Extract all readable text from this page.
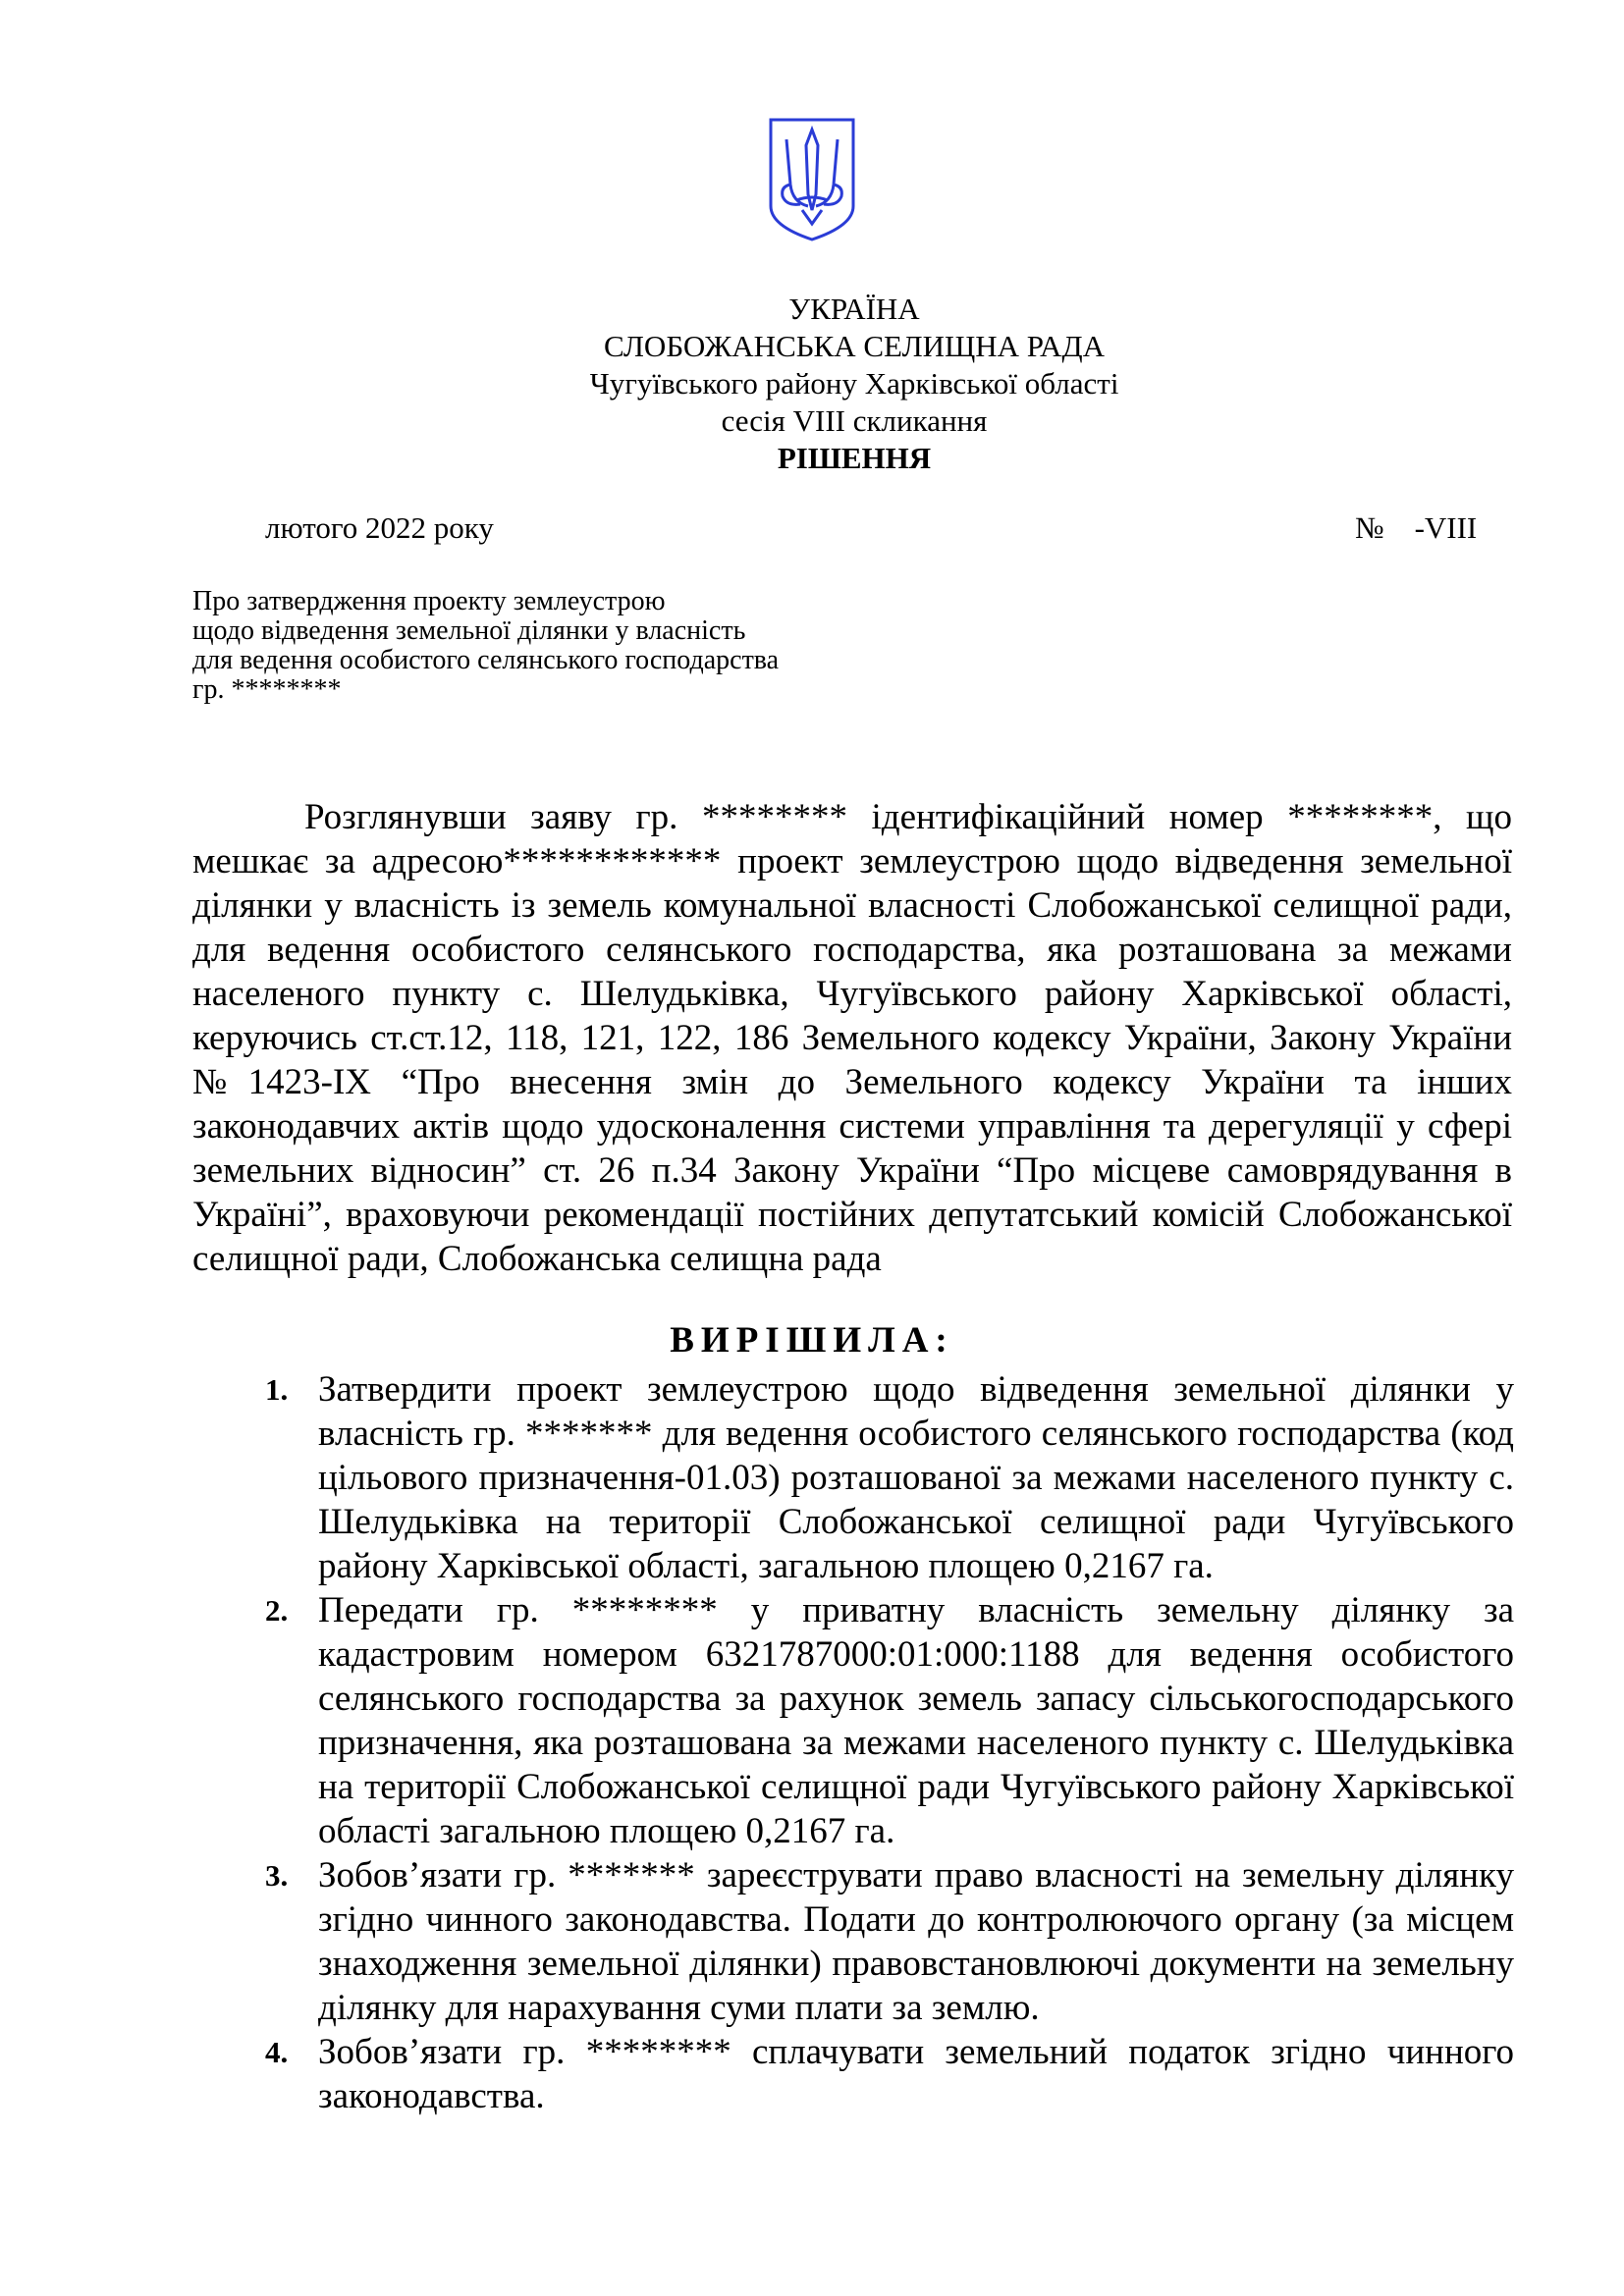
УКРАЇНА
СЛОБОЖАНСЬКА СЕЛИЩНА РАДА
Чугуївського району Харківської області
сесія VIII скликання
РІШЕННЯ
лютого 2022 року	№    -VIII
Про затвердження проекту землеустрою
щодо відведення земельної ділянки у власність
для ведення особистого селянського господарства
гр. ********
Розглянувши заяву гр. ******** ідентифікаційний номер ********, що мешкає за адресою************ проект землеустрою щодо відведення земельної ділянки у власність із земель комунальної власності Слобожанської селищної ради, для ведення особистого селянського господарства, яка розташована за межами населеного пункту с. Шелудьківка, Чугуївського району Харківської області, керуючись ст.ст.12, 118, 121, 122, 186 Земельного кодексу України, Закону України №1423-IX “Про внесення змін до Земельного кодексу України та інших законодавчих актів щодо удосконалення системи управління та дерегуляції у сфері земельних відносин” ст. 26 п.34 Закону України “Про місцеве самоврядування в Україні”, враховуючи рекомендації постійних депутатський комісій Слобожанської селищної ради, Слобожанська селищна рада
ВИРІШИЛА:
1. Затвердити проект землеустрою щодо відведення земельної ділянки у власність гр. ******* для ведення особистого селянського господарства (код цільового призначення-01.03) розташованої за межами населеного пункту с. Шелудьківка на території Слобожанської селищної ради Чугуївського району Харківської області, загальною площею 0,2167 га.
2. Передати гр. ******** у приватну власність земельну ділянку за кадастровим номером 6321787000:01:000:1188 для ведення особистого селянського господарства за рахунок земель запасу сільськогосподарського призначення, яка розташована за межами населеного пункту с. Шелудьківка на території Слобожанської селищної ради Чугуївського району Харківської області загальною площею 0,2167 га.
3. Зобов’язати гр. ******* зареєструвати право власності на земельну ділянку згідно чинного законодавства. Подати до контролюючого органу (за місцем знаходження земельної ділянки) правовстановлюючі документи на земельну ділянку для нарахування суми плати за землю.
4. Зобов’язати гр. ******** сплачувати земельний податок згідно чинного законодавства.
